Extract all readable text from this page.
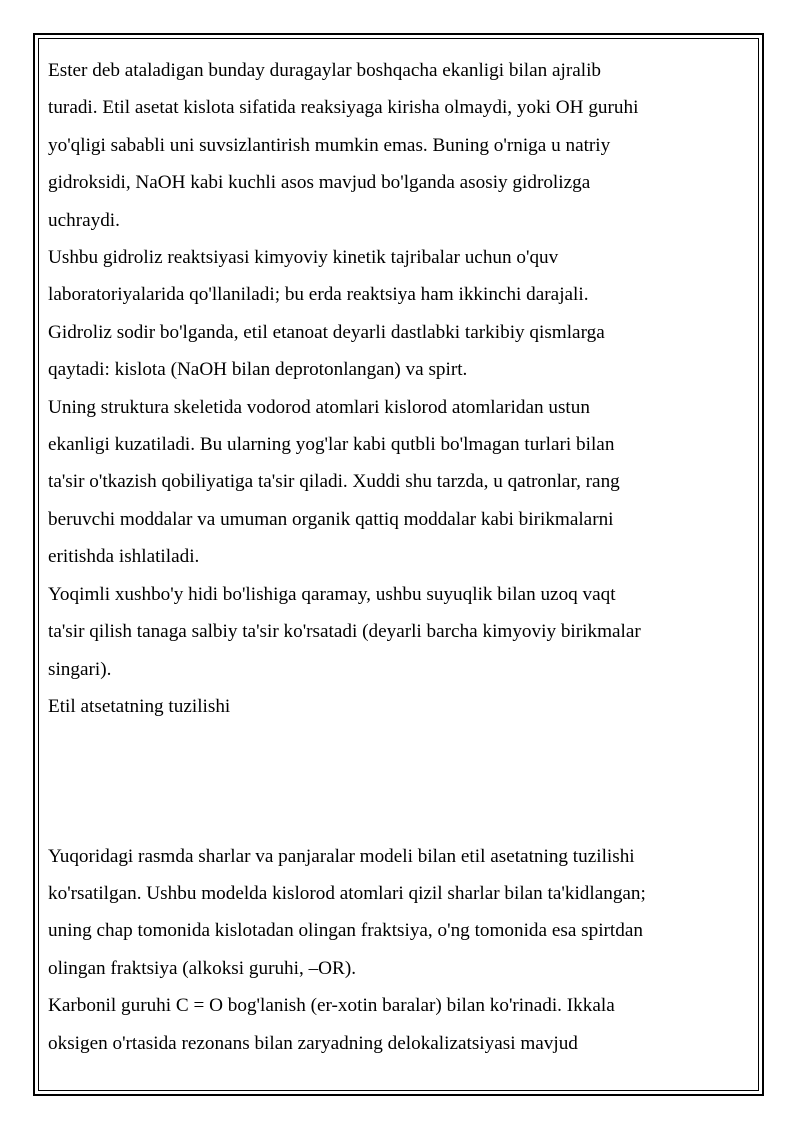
Ester deb ataladigan bunday duragaylar boshqacha ekanligi bilan ajralib
turadi. Etil asetat kislota sifatida reaksiyaga kirisha olmaydi, yoki OH guruhi
yo'qligi sababli uni suvsizlantirish mumkin emas. Buning o'rniga u natriy
gidroksidi, NaOH kabi kuchli asos mavjud bo'lganda asosiy gidrolizga
uchraydi.
Ushbu gidroliz reaktsiyasi kimyoviy kinetik tajribalar uchun o'quv
laboratoriyalarida qo'llaniladi; bu erda reaktsiya ham ikkinchi darajali.
Gidroliz sodir bo'lganda, etil etanoat deyarli dastlabki tarkibiy qismlarga
qaytadi: kislota (NaOH bilan deprotonlangan) va spirt.
Uning struktura skeletida vodorod atomlari kislorod atomlaridan ustun
ekanligi kuzatiladi. Bu ularning yog'lar kabi qutbli bo'lmagan turlari bilan
ta'sir o'tkazish qobiliyatiga ta'sir qiladi. Xuddi shu tarzda, u qatronlar, rang
beruvchi moddalar va umuman organik qattiq moddalar kabi birikmalarni
eritishda ishlatiladi.
Yoqimli xushbo'y hidi bo'lishiga qaramay, ushbu suyuqlik bilan uzoq vaqt
ta'sir qilish tanaga salbiy ta'sir ko'rsatadi (deyarli barcha kimyoviy birikmalar
singari).
Etil atsetatning tuzilishi
Yuqoridagi rasmda sharlar va panjaralar modeli bilan etil asetatning tuzilishi
ko'rsatilgan. Ushbu modelda kislorod atomlari qizil sharlar bilan ta'kidlangan;
uning chap tomonida kislotadan olingan fraktsiya, o'ng tomonida esa spirtdan
olingan fraktsiya (alkoksi guruhi, –OR).
Karbonil guruhi C = O bog'lanish (er-xotin baralar) bilan ko'rinadi. Ikkala
oksigen o'rtasida rezonans bilan zaryadning delokalizatsiyasi mavjud
